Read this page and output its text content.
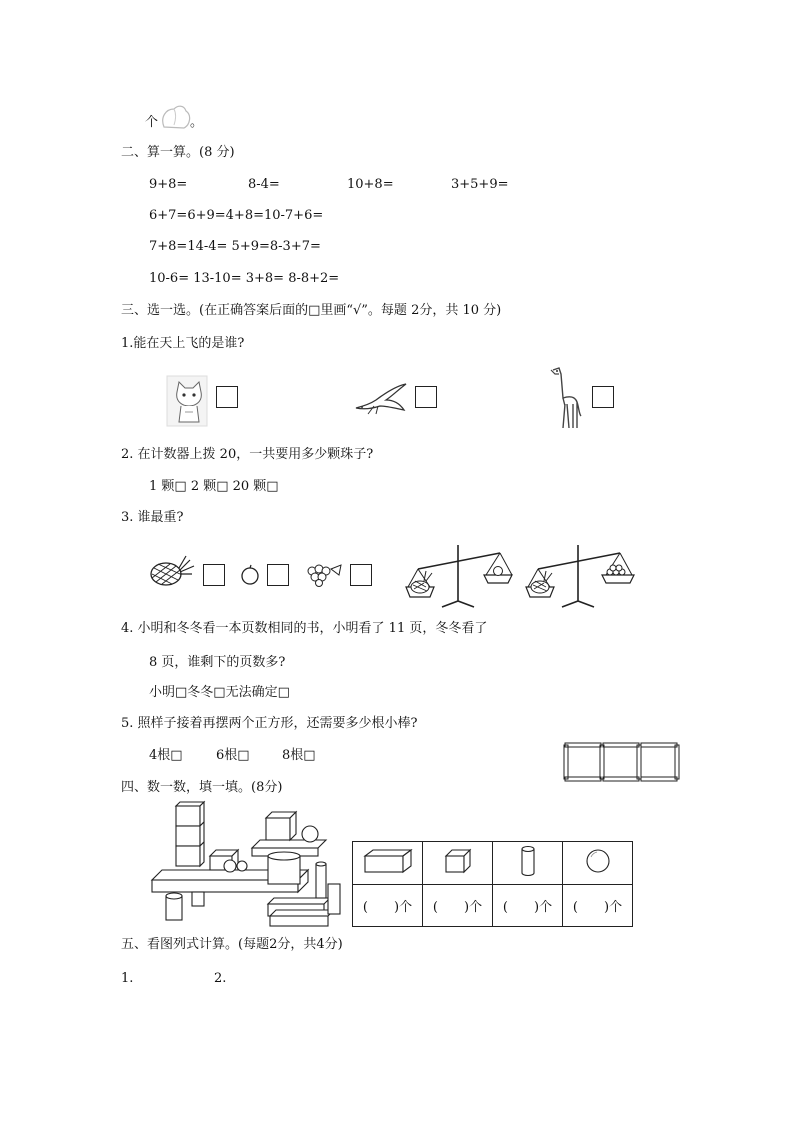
个 。
二、算一算。(8 分)
9+8=	8-4=	10+8=	3+5+9=
6+7=6+9=4+8=10-7+6=
7+8=14-4= 5+9=8-3+7=
10-6= 13-10= 3+8= 8-8+2=
三、选一选。(在正确答案后面的□里画“√”。每题 2分，共 10 分)
1.能在天上飞的是谁?
2. 在计数器上拨 20，一共要用多少颗珠子?
1 颗□ 2 颗□ 20 颗□
3. 谁最重?
4. 小明和冬冬看一本页数相同的书，小明看了 11 页，冬冬看了
8 页，谁剩下的页数多?
小明□冬冬□无法确定□
5. 照样子接着再摆两个正方形，还需要多少根小棒?
4根□	6根□ 8根□
四、数一数，填一填。(8分)

(　　)个	(　　)个	(　　)个	(　　)个
五、看图列式计算。(每题2分，共4分)
1.	2.
